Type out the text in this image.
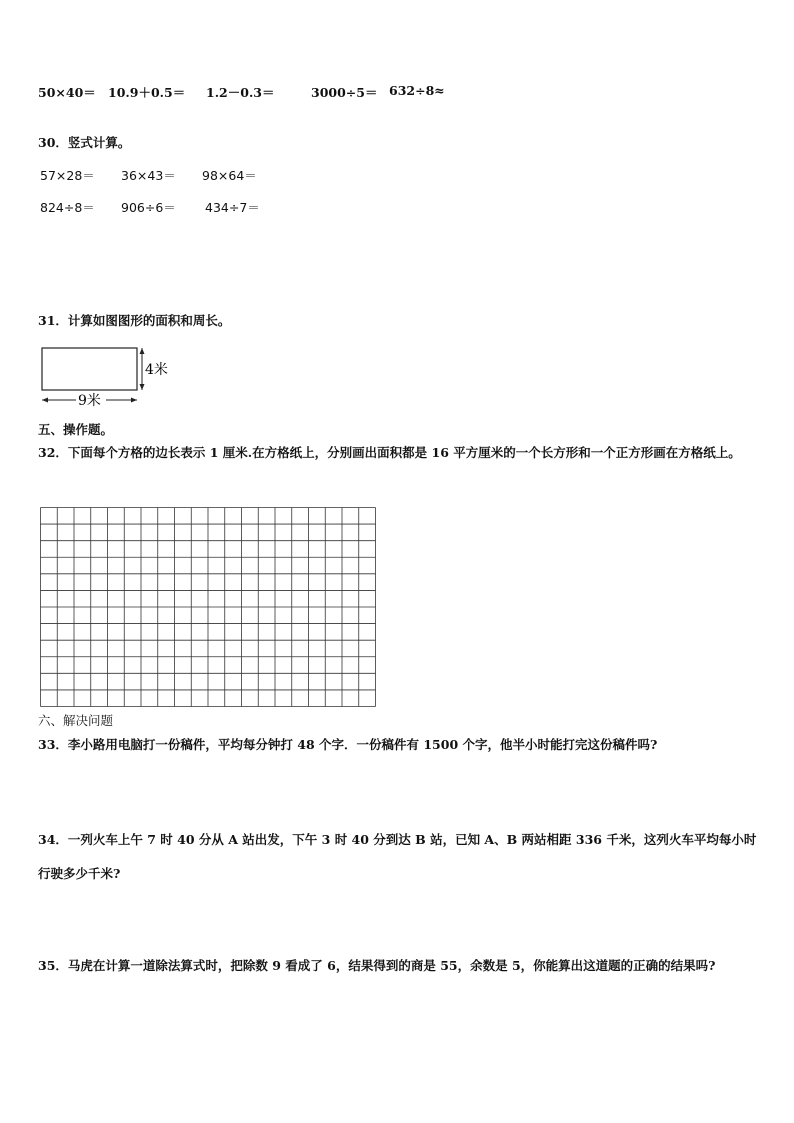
50×40＝ 10.9＋0.5＝ 1.2－0.3＝	3000÷5＝ 632÷8≈
30．竖式计算。
57×28＝ 36×43＝ 98×64＝
824÷8＝ 906÷6＝ 434÷7＝
31．计算如图图形的面积和周长。
4米
9米
五、操作题。
32．下面每个方格的边长表示 1 厘米.在方格纸上，分别画出面积都是 16 平方厘米的一个长方形和一个正方形画在方格纸上。
六、解决问题
33．李小路用电脑打一份稿件，平均每分钟打 48 个字．一份稿件有 1500 个字，他半小时能打完这份稿件吗?
34．一列火车上午 7 时 40 分从 A 站出发，下午 3 时 40 分到达 B 站，已知 A、B 两站相距 336 千米，这列火车平均每小时行驶多少千米?
35．马虎在计算一道除法算式时，把除数 9 看成了 6，结果得到的商是 55，余数是 5，你能算出这道题的正确的结果吗?
